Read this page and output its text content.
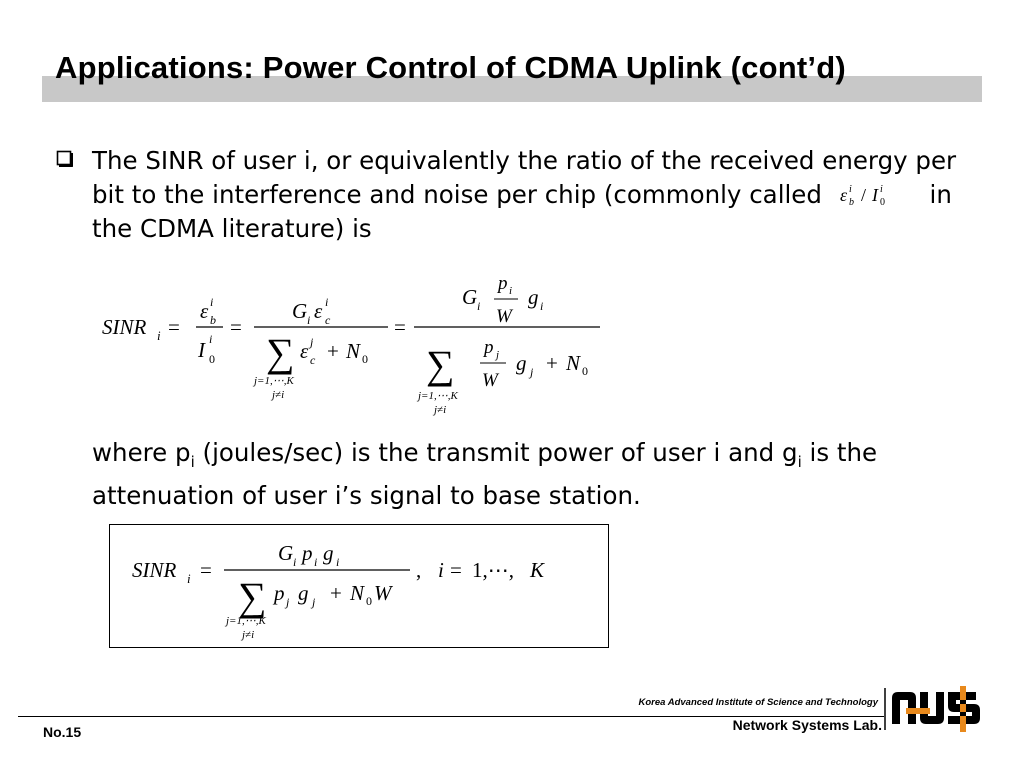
Applications: Power Control of CDMA Uplink (cont’d)
The SINR of user i, or equivalently the ratio of the received energy per bit to the interference and noise per chip (commonly called ε i
b / I i
0 in the CDMA literature) is
SINR i =
ε i
b
I i
0
=
G i ε i
c
∑ ε j
c + N 0
j=1,⋯,K
j≠i
=
G i
p i
W
g i
∑ p j
W
g j + N 0
j=1,⋯,K
j≠i
where $p_i$ (joules/sec) is the transmit power of user i and $g_i$ is the attenuation of user i’s signal to base station.
SINR i =
G i p i g i
∑ p j g j + N 0 W
j=1,⋯,K
j≠i
, i = 1,⋯, K
No.15
Korea Advanced Institute of Science and Technology
Network Systems Lab.
